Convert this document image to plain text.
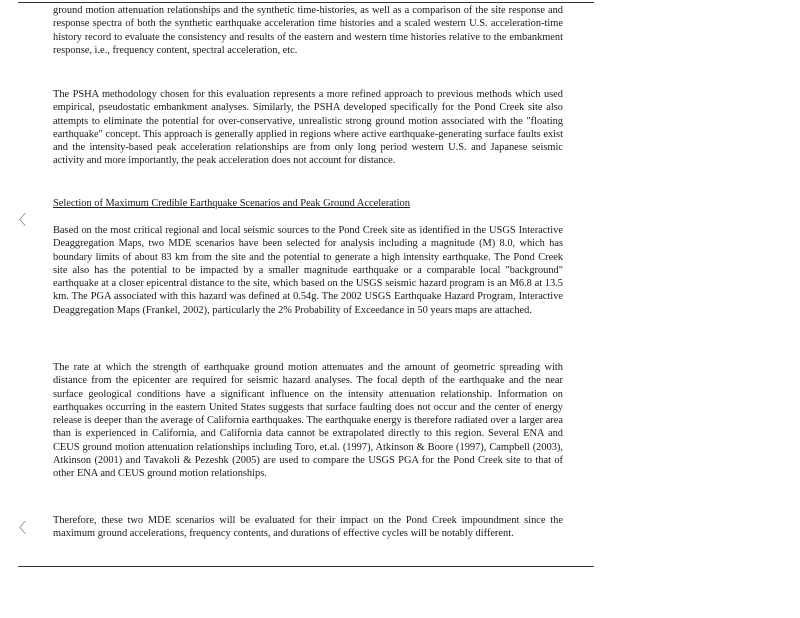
ground motion attenuation relationships and the synthetic time-histories, as well as a comparison of the site response and response spectra of both the synthetic earthquake acceleration time histories and a scaled western U.S. acceleration-time history record to evaluate the consistency and results of the eastern and western time histories relative to the embankment response, i.e., frequency content, spectral acceleration, etc.

The PSHA methodology chosen for this evaluation represents a more refined approach to previous methods which used empirical, pseudostatic embankment analyses. Similarly, the PSHA developed specifically for the Pond Creek site also attempts to eliminate the potential for over-conservative, unrealistic strong ground motion associated with the "floating earthquake" concept. This approach is generally applied in regions where active earthquake-generating surface faults exist and the intensity-based peak acceleration relationships are from only long period western U.S. and Japanese seismic activity and more importantly, the peak acceleration does not account for distance.

Selection of Maximum Credible Earthquake Scenarios and Peak Ground Acceleration

Based on the most critical regional and local seismic sources to the Pond Creek site as identified in the USGS Interactive Deaggregation Maps, two MDE scenarios have been selected for analysis including a magnitude (M) 8.0, which has boundary limits of about 83 km from the site and the potential to generate a high intensity earthquake. The Pond Creek site also has the potential to be impacted by a smaller magnitude earthquake or a comparable local "background" earthquake at a closer epicentral distance to the site, which based on the USGS seismic hazard program is an M6.8 at 13.5 km. The PGA associated with this hazard was defined at 0.54g. The 2002 USGS Earthquake Hazard Program, Interactive Deaggregation Maps (Frankel, 2002), particularly the 2% Probability of Exceedance in 50 years maps are attached.

The rate at which the strength of earthquake ground motion attenuates and the amount of geometric spreading with distance from the epicenter are required for seismic hazard analyses. The focal depth of the earthquake and the near surface geological conditions have a significant influence on the intensity attenuation relationship. Information on earthquakes occurring in the eastern United States suggests that surface faulting does not occur and the center of energy release is deeper than the average of California earthquakes. The earthquake energy is therefore radiated over a larger area than is experienced in California, and California data cannot be extrapolated directly to this region. Several ENA and CEUS ground motion attenuation relationships including Toro, et.al. (1997), Atkinson & Boore (1997), Campbell (2003), Atkinson (2001) and Tavakoli & Pezeshk (2005) are used to compare the USGS PGA for the Pond Creek site to that of other ENA and CEUS ground motion relationships.

Therefore, these two MDE scenarios will be evaluated for their impact on the Pond Creek impoundment since the maximum ground accelerations, frequency contents, and durations of effective cycles will be notably different.

〈
〈
